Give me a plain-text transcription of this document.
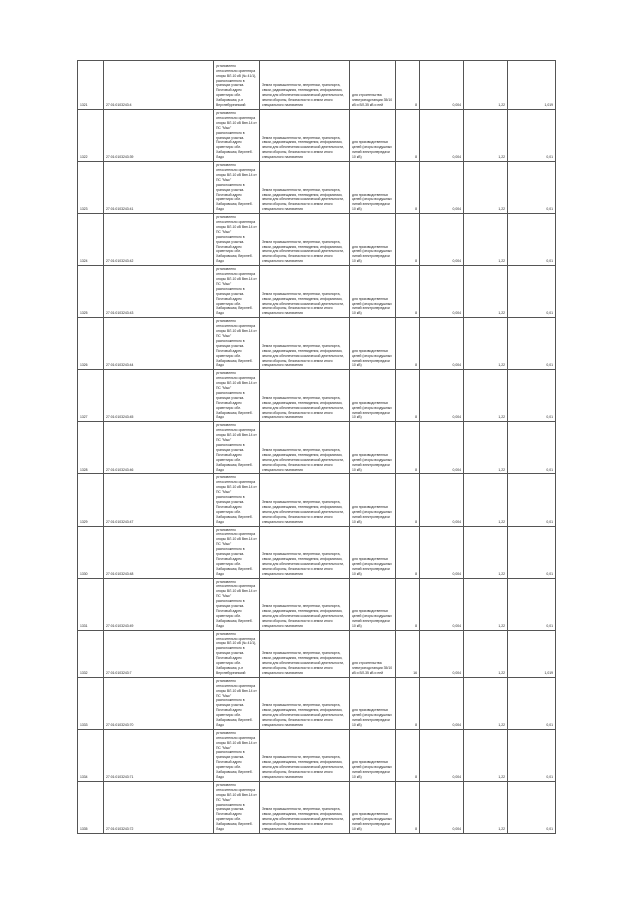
1321	27:01:0103243:4	установлено относительно ориентира опоры ВЛ-10 кВ (№ 41/1), расположенного в границах участка. Почтовый адрес ориентира: обл. Хабаровская, р-н Верхнебуреинский	Земли промышленности, энергетики, транспорта, связи, радиовещания, телевидения, информатики, земли для обеспечения космической деятельности, земли обороны, безопасности и земли иного специального назначения	для строительства электроподстанции 35/10 кВ и ВЛ-35 кВ и ней	8	0,004	1,22	1,019
1322	27:01:0103243:39	установлено относительно ориентира опоры ВЛ-10 кВ Ввп.14 от ПС "Мыс" расположенного в границах участка. Почтовый адрес ориентира: обл. Хабаровская, Верхнеб. Ладо	Земли промышленности, энергетики, транспорта, связи, радиовещания, телевидения, информатики, земли для обеспечения космической деятельности, земли обороны, безопасности и земли иного специального назначения	для производственных целей (опоры воздушных линий электропередачи 10 кВ)	8	0,004	1,22	0,01
1323	27:01:0103243:41	установлено относительно ориентира опоры ВЛ-10 кВ Ввп.14 от ПС "Мыс" расположенного в границах участка. Почтовый адрес ориентира: обл. Хабаровская, Верхнеб. Ладо	Земли промышленности, энергетики, транспорта, связи, радиовещания, телевидения, информатики, земли для обеспечения космической деятельности, земли обороны, безопасности и земли иного специального назначения	для производственных целей (опоры воздушных линий электропередачи 10 кВ)	8	0,004	1,22	0,01
1324	27:01:0103243:42	установлено относительно ориентира опоры ВЛ-10 кВ Ввп.14 от ПС "Мыс" расположенного в границах участка. Почтовый адрес ориентира: обл. Хабаровская, Верхнеб. Ладо	Земли промышленности, энергетики, транспорта, связи, радиовещания, телевидения, информатики, земли для обеспечения космической деятельности, земли обороны, безопасности и земли иного специального назначения	для производственных целей (опоры воздушных линий электропередачи 10 кВ)	8	0,004	1,22	0,01
1325	27:01:0103243:43	установлено относительно ориентира опоры ВЛ-10 кВ Ввп.14 от ПС "Мыс" расположенного в границах участка. Почтовый адрес ориентира: обл. Хабаровская, Верхнеб. Ладо	Земли промышленности, энергетики, транспорта, связи, радиовещания, телевидения, информатики, земли для обеспечения космической деятельности, земли обороны, безопасности и земли иного специального назначения	для производственных целей (опоры воздушных линий электропередачи 10 кВ)	8	0,004	1,22	0,01
1326	27:01:0103243:44	установлено относительно ориентира опоры ВЛ-10 кВ Ввп.14 от ПС "Мыс" расположенного в границах участка. Почтовый адрес ориентира: обл. Хабаровская, Верхнеб. Ладо	Земли промышленности, энергетики, транспорта, связи, радиовещания, телевидения, информатики, земли для обеспечения космической деятельности, земли обороны, безопасности и земли иного специального назначения	для производственных целей (опоры воздушных линий электропередачи 10 кВ)	8	0,004	1,22	0,01
1327	27:01:0103243:45	установлено относительно ориентира опоры ВЛ-10 кВ Ввп.14 от ПС "Мыс" расположенного в границах участка. Почтовый адрес ориентира: обл. Хабаровская, Верхнеб. Ладо	Земли промышленности, энергетики, транспорта, связи, радиовещания, телевидения, информатики, земли для обеспечения космической деятельности, земли обороны, безопасности и земли иного специального назначения	для производственных целей (опоры воздушных линий электропередачи 10 кВ)	8	0,004	1,22	0,01
1328	27:01:0103243:46	установлено относительно ориентира опоры ВЛ-10 кВ Ввп.14 от ПС "Мыс" расположенного в границах участка. Почтовый адрес ориентира: обл. Хабаровская, Верхнеб. Ладо	Земли промышленности, энергетики, транспорта, связи, радиовещания, телевидения, информатики, земли для обеспечения космической деятельности, земли обороны, безопасности и земли иного специального назначения	для производственных целей (опоры воздушных линий электропередачи 10 кВ)	8	0,004	1,22	0,01
1329	27:01:0103243:47	установлено относительно ориентира опоры ВЛ-10 кВ Ввп.14 от ПС "Мыс" расположенного в границах участка. Почтовый адрес ориентира: обл. Хабаровская, Верхнеб. Ладо	Земли промышленности, энергетики, транспорта, связи, радиовещания, телевидения, информатики, земли для обеспечения космической деятельности, земли обороны, безопасности и земли иного специального назначения	для производственных целей (опоры воздушных линий электропередачи 10 кВ)	8	0,004	1,22	0,01
1330	27:01:0103243:48	установлено относительно ориентира опоры ВЛ-10 кВ Ввп.14 от ПС "Мыс" расположенного в границах участка. Почтовый адрес ориентира: обл. Хабаровская, Верхнеб. Ладо	Земли промышленности, энергетики, транспорта, связи, радиовещания, телевидения, информатики, земли для обеспечения космической деятельности, земли обороны, безопасности и земли иного специального назначения	для производственных целей (опоры воздушных линий электропередачи 10 кВ)	8	0,004	1,22	0,01
1331	27:01:0103243:49	установлено относительно ориентира опоры ВЛ-10 кВ Ввп.14 от ПС "Мыс" расположенного в границах участка. Почтовый адрес ориентира: обл. Хабаровская, Верхнеб. Ладо	Земли промышленности, энергетики, транспорта, связи, радиовещания, телевидения, информатики, земли для обеспечения космической деятельности, земли обороны, безопасности и земли иного специального назначения	для производственных целей (опоры воздушных линий электропередачи 10 кВ)	8	0,004	1,22	0,01
1332	27:01:0103243:7	установлено относительно ориентира опоры ВЛ-10 кВ (№ 41/1), расположенного в границах участка. Почтовый адрес ориентира: обл. Хабаровская, р-н Верхнебуреинский	Земли промышленности, энергетики, транспорта, связи, радиовещания, телевидения, информатики, земли для обеспечения космической деятельности, земли обороны, безопасности и земли иного специального назначения	для строительства электроподстанции 35/10 кВ и ВЛ-35 кВ и ней	16	0,004	1,22	1,019
1333	27:01:0103243:70	установлено относительно ориентира опоры ВЛ-10 кВ Ввп.14 от ПС "Мыс" расположенного в границах участка. Почтовый адрес ориентира: обл. Хабаровская, Верхнеб. Ладо	Земли промышленности, энергетики, транспорта, связи, радиовещания, телевидения, информатики, земли для обеспечения космической деятельности, земли обороны, безопасности и земли иного специального назначения	для производственных целей (опоры воздушных линий электропередачи 10 кВ)	8	0,004	1,22	0,01
1334	27:01:0103243:71	установлено относительно ориентира опоры ВЛ-10 кВ Ввп.14 от ПС "Мыс" расположенного в границах участка. Почтовый адрес ориентира: обл. Хабаровская, Верхнеб. Ладо	Земли промышленности, энергетики, транспорта, связи, радиовещания, телевидения, информатики, земли для обеспечения космической деятельности, земли обороны, безопасности и земли иного специального назначения	для производственных целей (опоры воздушных линий электропередачи 10 кВ)	8	0,004	1,22	0,01
1335	27:01:0103243:72	установлено относительно ориентира опоры ВЛ-10 кВ Ввп.14 от ПС "Мыс" расположенного в границах участка. Почтовый адрес ориентира: обл. Хабаровская, Верхнеб. Ладо	Земли промышленности, энергетики, транспорта, связи, радиовещания, телевидения, информатики, земли для обеспечения космической деятельности, земли обороны, безопасности и земли иного специального назначения	для производственных целей (опоры воздушных линий электропередачи 10 кВ)	8	0,004	1,22	0,01
